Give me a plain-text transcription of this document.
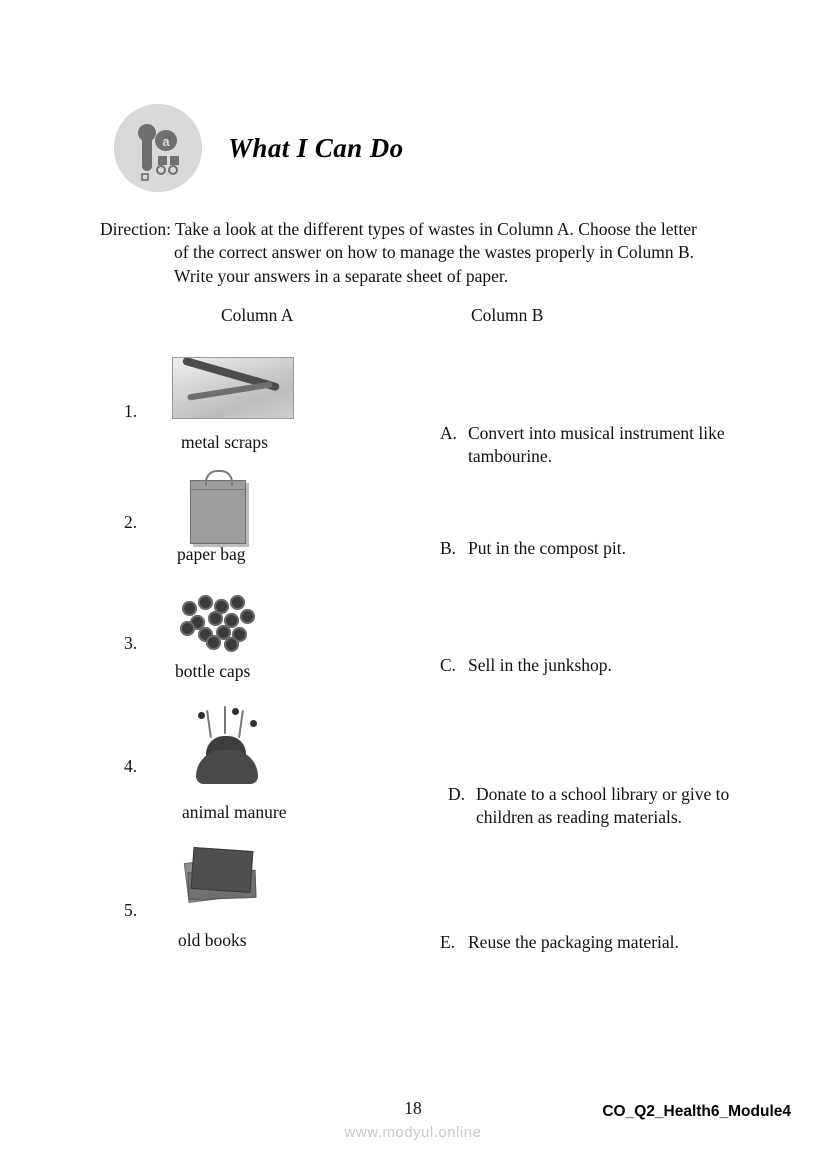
a What I Can Do
Direction: Take a look at the different types of wastes in Column A. Choose the letter
of the correct answer on how to manage the wastes properly in Column B.
Write your answers in a separate sheet of paper.
Column A	Column B
1.
metal scraps
2.
paper bag
3.
bottle caps
4.
animal manure
5.
old books
A. Convert into musical instrument like tambourine.
B. Put in the compost pit.
C. Sell in the junkshop.
D. Donate to a school library or give to children as reading materials.
E. Reuse the packaging material.
18	CO_Q2_Health6_Module4
www.modyul.online
